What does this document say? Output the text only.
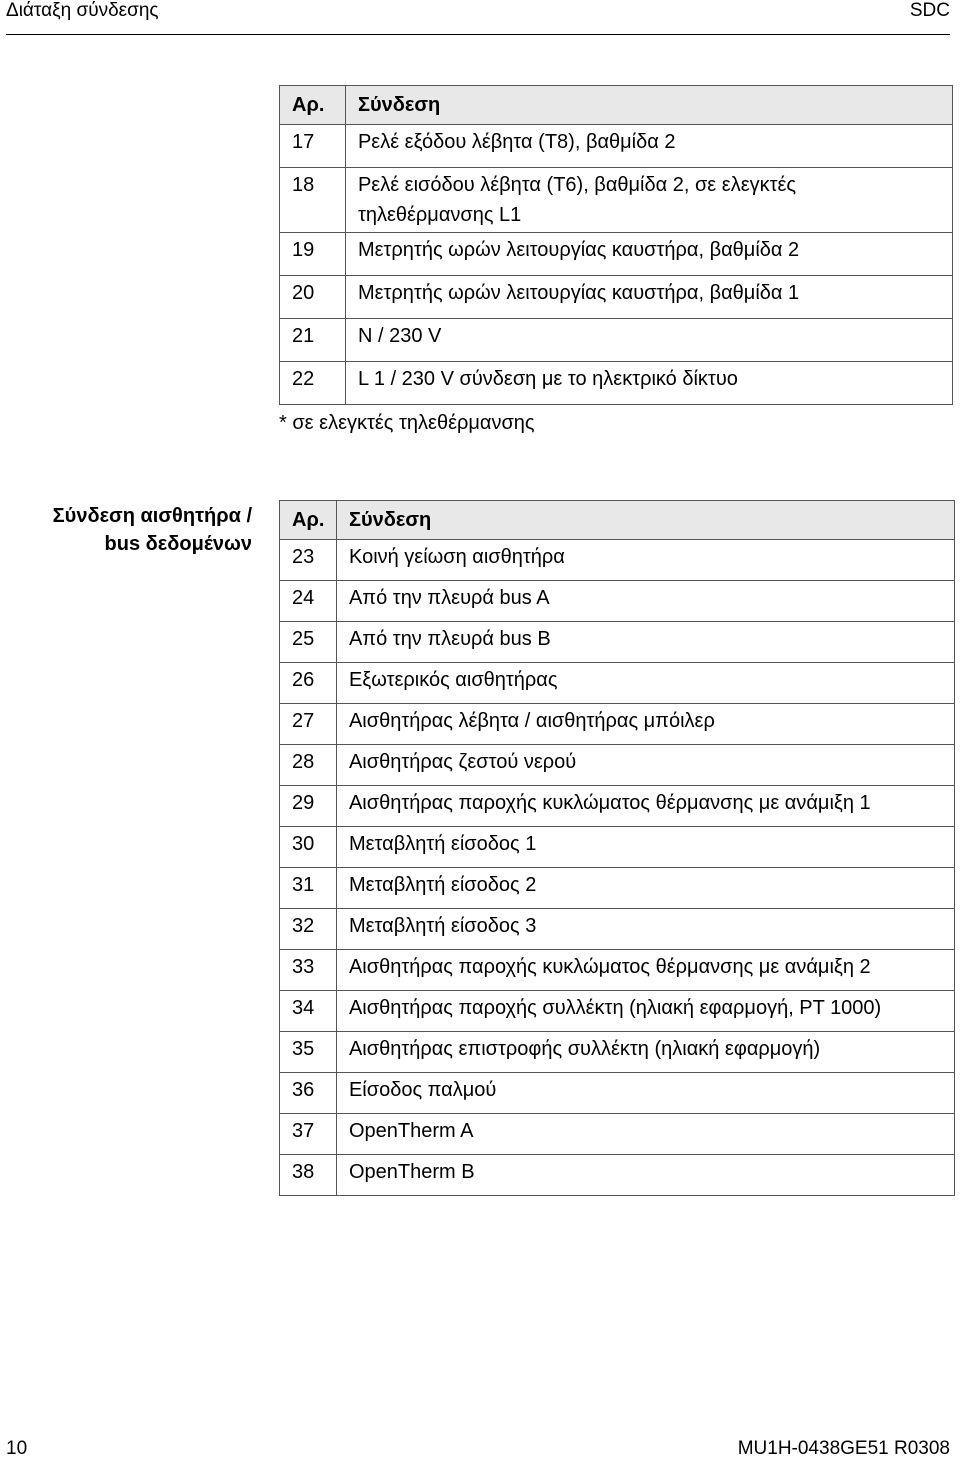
Διάταξη σύνδεσης	SDC
Αρ.	Σύνδεση
17	Ρελέ εξόδου λέβητα (T8), βαθμίδα 2
18	Ρελέ εισόδου λέβητα (T6), βαθμίδα 2, σε ελεγκτές
τηλεθέρμανσης L1

19	Μετρητής ωρών λειτουργίας καυστήρα, βαθμίδα 2
20	Μετρητής ωρών λειτουργίας καυστήρα, βαθμίδα 1
21	N / 230 V
22	L 1 / 230 V σύνδεση με το ηλεκτρικό δίκτυο
* σε ελεγκτές τηλεθέρμανσης
Σύνδεση αισθητήρα /
bus δεδομένων
Αρ.	Σύνδεση
23	Κοινή γείωση αισθητήρα
24	Από την πλευρά bus A
25	Από την πλευρά bus B
26	Εξωτερικός αισθητήρας
27	Αισθητήρας λέβητα / αισθητήρας μπόιλερ
28	Αισθητήρας ζεστού νερού
29	Αισθητήρας παροχής κυκλώματος θέρμανσης με ανάμιξη 1
30	Μεταβλητή είσοδος 1
31	Μεταβλητή είσοδος 2
32	Μεταβλητή είσοδος 3
33	Αισθητήρας παροχής κυκλώματος θέρμανσης με ανάμιξη 2
34	Αισθητήρας παροχής συλλέκτη (ηλιακή εφαρμογή, PT 1000)
35	Αισθητήρας επιστροφής συλλέκτη (ηλιακή εφαρμογή)
36	Είσοδος παλμού
37	OpenTherm A
38	OpenTherm B
10	MU1H-0438GE51 R0308
